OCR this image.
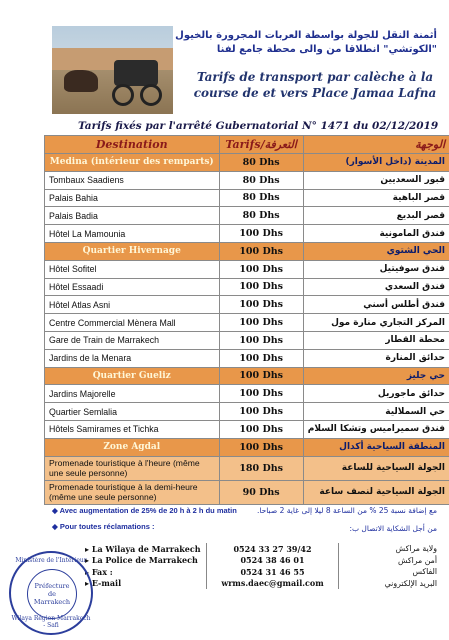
أثمنة النقل للجولة بواسطة العربات المجرورة بالخيول
"الكوتشي" انطلاقا من والى محطة جامع لفنا
Tarifs de transport par calèche à la
course de et vers Place Jamaa Lafna
Tarifs fixés par l'arrêté Gubernatorial N° 1471 du 02/12/2019
Destination	Tarifs/التعرفة	الوجهة
Medina (intérieur des remparts)	80 Dhs	المدينة (داخل الأسوار)
Tombaux Saadiens	80 Dhs	قبور السعديين
Palais Bahia	80 Dhs	قصر الباهية
Palais Badia	80 Dhs	قصر البديع
Hôtel La Mamounia	100 Dhs	فندق المامونية
Quartier Hivernage	100 Dhs	الحي الشتوي
Hôtel Sofitel	100 Dhs	فندق سوفيتيل
Hôtel Essaadi	100 Dhs	فندق السعدي
Hôtel Atlas Asni	100 Dhs	فندق أطلس أسني
Centre Commercial Mènera Mall	100 Dhs	المركز التجاري منارة مول
Gare de Train de Marrakech	100 Dhs	محطة القطار
Jardins de la Menara	100 Dhs	حدائق المنارة
Quartier Gueliz	100 Dhs	حي جليز
Jardins Majorelle	100 Dhs	حدائق ماجوريل
Quartier Semlalia	100 Dhs	حي السملالية
Hôtels Samirames et Tichka	100 Dhs	فندق سميراميس وتشكا السلام
Zone Agdal	100 Dhs	المنطقة السياحية أكدال
Promenade touristique à l'heure (même une seule personne)	180 Dhs	الجولة السياحية للساعة
Promenade touristique à la demi-heure (même une seule personne)	90 Dhs	الجولة السياحية لنصف ساعة
◆ Avec augmentation de 25% de 20 h à 2 h du matin	مع إضافة نسبة 25 % من الساعة 8 ليلا إلى غاية 2 صباحا.
◆ Pour toutes réclamations :	من أجل الشكاية الاتصال ب:
▸ La Wilaya de Marrakech	0524 33 27 39/42	ولاية مراكش
▸ La Police de Marrakech	0524 38 46 01	أمن مراكش
▸ Fax :	0524 31 46 55	الفاكس
▸ E-mail	wrms.daec@gmail.com	البريد الإلكتروني
Ministère de l'Intérieur
Préfecture
de
Marrakech
Wilaya Région Marrakech - Safi
